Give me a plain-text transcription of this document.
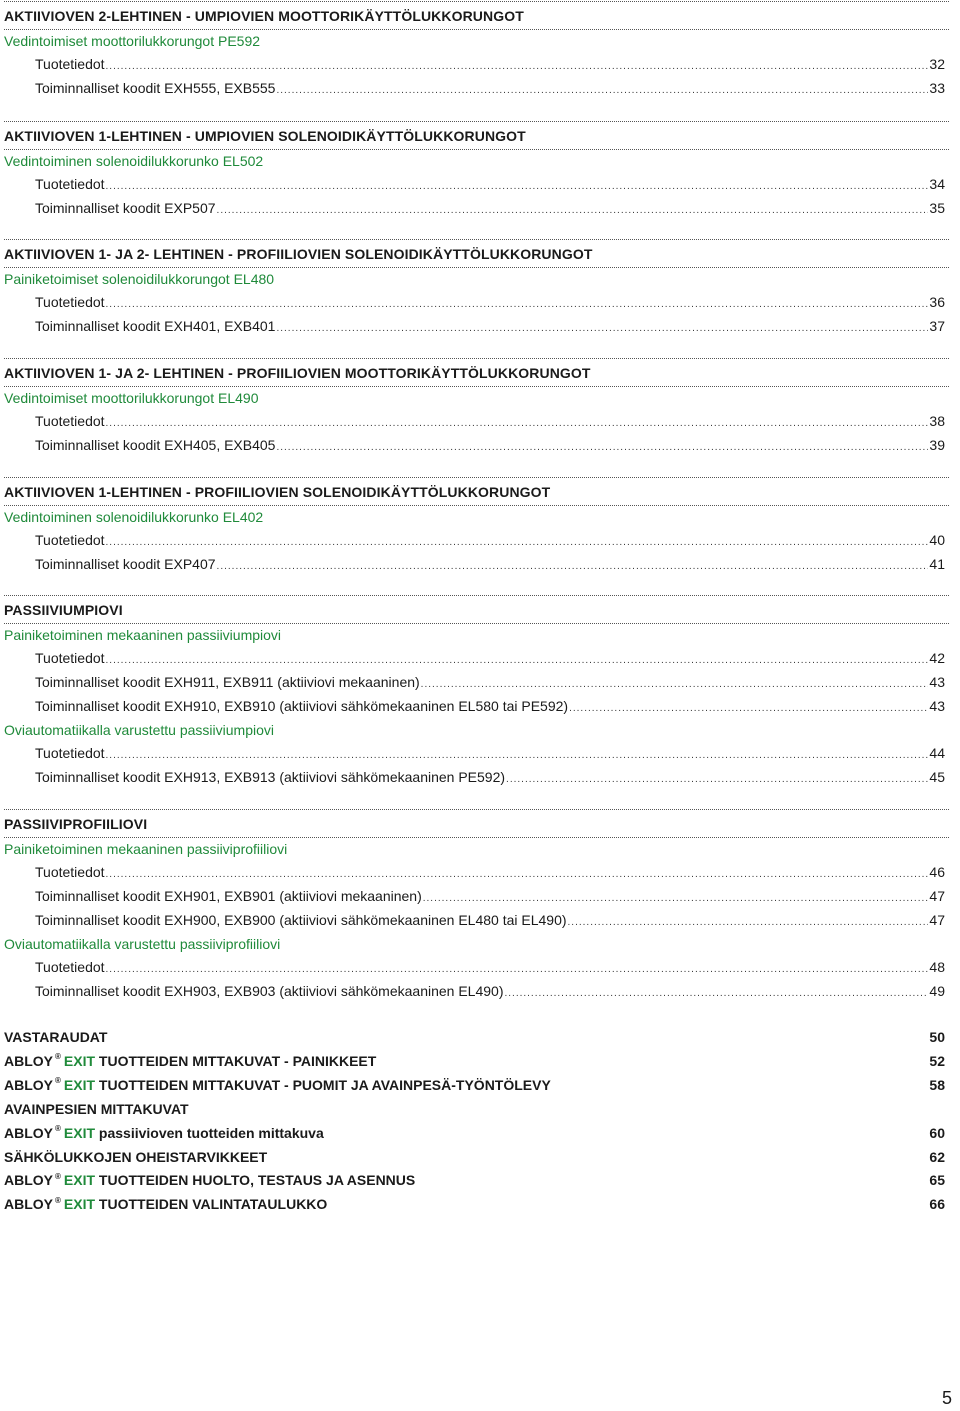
AKTIIVIOVEN 2-LEHTINEN - UMPIOVIEN MOOTTORIKÄYTTÖLUKKORUNGOT
Vedintoimiset moottorilukkorungot PE592
Tuotetiedot .....	32
Toiminnalliset koodit EXH555, EXB555 .....	33
AKTIIVIOVEN 1-LEHTINEN - UMPIOVIEN SOLENOIDIKÄYTTÖLUKKORUNGOT
Vedintoiminen solenoidilukkorunko EL502
Tuotetiedot .....	34
Toiminnalliset koodit EXP507 .....	35
AKTIIVIOVEN 1- JA 2- LEHTINEN - PROFIILIOVIEN SOLENOIDIKÄYTTÖLUKKORUNGOT
Painiketoimiset solenoidilukkorungot EL480
Tuotetiedot .....	36
Toiminnalliset koodit EXH401, EXB401 .....	37
AKTIIVIOVEN 1- JA 2- LEHTINEN - PROFIILIOVIEN MOOTTORIKÄYTTÖLUKKORUNGOT
Vedintoimiset moottorilukkorungot EL490
Tuotetiedot .....	38
Toiminnalliset koodit EXH405, EXB405 .....	39
AKTIIVIOVEN 1-LEHTINEN - PROFIILIOVIEN SOLENOIDIKÄYTTÖLUKKORUNGOT
Vedintoiminen solenoidilukkorunko EL402
Tuotetiedot .....	40
Toiminnalliset koodit EXP407 .....	41
PASSIIVIUMPIOVI
Painiketoiminen mekaaninen passiiviumpiovi
Tuotetiedot .....	42
Toiminnalliset koodit EXH911, EXB911 (aktiiviovi mekaaninen) .....	43
Toiminnalliset koodit EXH910, EXB910 (aktiiviovi sähkömekaaninen EL580 tai PE592) .....	43
Oviautomatiikalla varustettu passiiviumpiovi
Tuotetiedot .....	44
Toiminnalliset koodit EXH913, EXB913 (aktiiviovi sähkömekaaninen PE592) .....	45
PASSIIVIPROFIILIOVI
Painiketoiminen mekaaninen passiiviprofiiliovi
Tuotetiedot .....	46
Toiminnalliset koodit EXH901, EXB901 (aktiiviovi mekaaninen) .....	47
Toiminnalliset koodit EXH900, EXB900 (aktiiviovi sähkömekaaninen EL480 tai EL490) .....	47
Oviautomatiikalla varustettu passiiviprofiiliovi
Tuotetiedot .....	48
Toiminnalliset koodit EXH903, EXB903 (aktiiviovi sähkömekaaninen EL490) .....	49
VASTARAUDAT	50
ABLOY ® EXIT TUOTTEIDEN MITTAKUVAT - PAINIKKEET	52
ABLOY ® EXIT TUOTTEIDEN MITTAKUVAT - PUOMIT JA AVAINPESÄ-TYÖNTÖLEVY	58
AVAINPESIEN MITTAKUVAT
ABLOY ® EXIT passiivioven tuotteiden mittakuva	60
SÄHKÖLUKKOJEN OHEISTARVIKKEET	62
ABLOY ® EXIT TUOTTEIDEN HUOLTO, TESTAUS JA ASENNUS	65
ABLOY ® EXIT TUOTTEIDEN VALINTATAULUKKO	66
5
